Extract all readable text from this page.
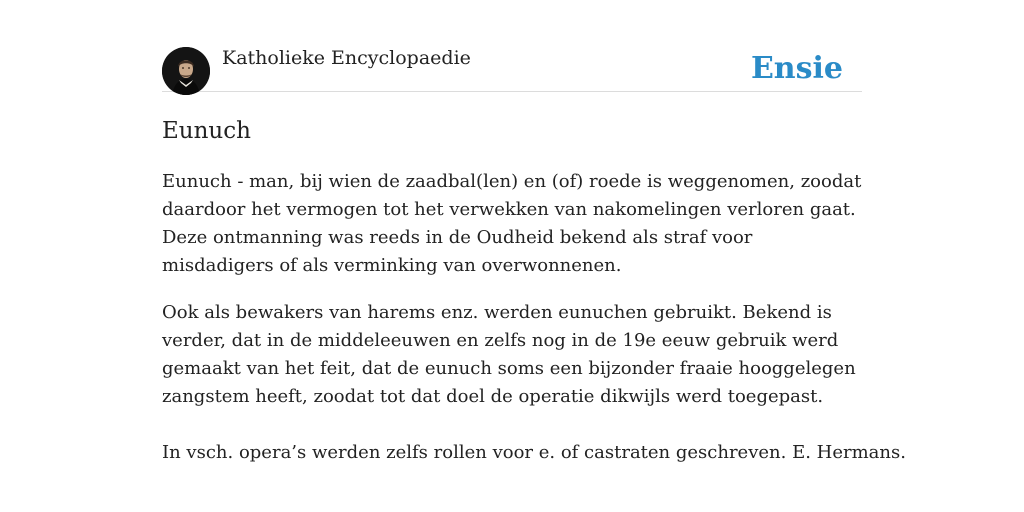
Katholieke Encyclopaedie	Ensie
Eunuch

Eunuch - man, bij wien de zaadbal(len) en (of) roede is weggenomen, zoodat daardoor het vermogen tot het verwekken van nakomelingen verloren gaat. Deze ontmanning was reeds in de Oudheid bekend als straf voor misdadigers of als verminking van overwonnenen.

Ook als bewakers van harems enz. werden eunuchen gebruikt. Bekend is verder, dat in de middeleeuwen en zelfs nog in de 19e eeuw gebruik werd gemaakt van het feit, dat de eunuch soms een bijzonder fraaie hooggelegen zangstem heeft, zoodat tot dat doel de operatie dikwijls werd toegepast.

In vsch. opera’s werden zelfs rollen voor e. of castraten geschreven. E. Hermans.
